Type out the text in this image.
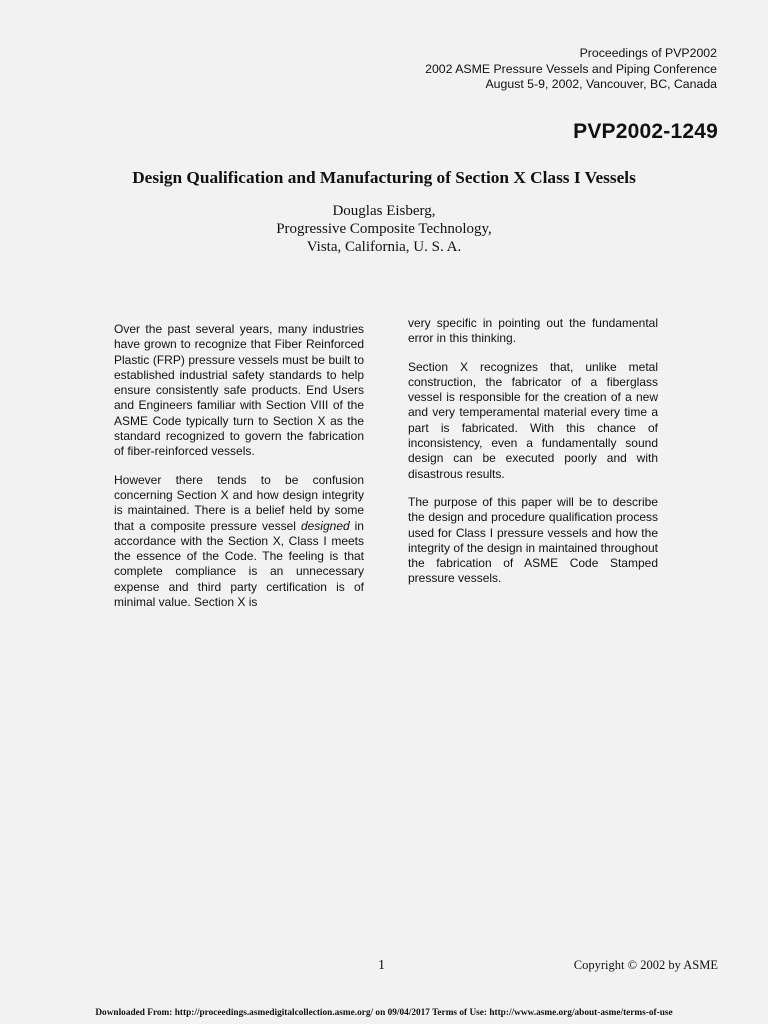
Proceedings of PVP2002
2002 ASME Pressure Vessels and Piping Conference
August 5-9, 2002, Vancouver, BC, Canada
PVP2002-1249
Design Qualification and Manufacturing of Section X Class I Vessels
Douglas Eisberg,
Progressive Composite Technology,
Vista, California, U. S. A.

Over the past several years, many industries have grown to recognize that Fiber Reinforced Plastic (FRP) pressure vessels must be built to established industrial safety standards to help ensure consistently safe products. End Users and Engineers familiar with Section VIII of the ASME Code typically turn to Section X as the standard recognized to govern the fabrication of fiber-reinforced vessels.

However there tends to be confusion concerning Section X and how design integrity is maintained. There is a belief held by some that a composite pressure vessel designed in accordance with the Section X, Class I meets the essence of the Code. The feeling is that complete compliance is an unnecessary expense and third party certification is of minimal value. Section X is

very specific in pointing out the fundamental error in this thinking.

Section X recognizes that, unlike metal construction, the fabricator of a fiberglass vessel is responsible for the creation of a new and very temperamental material every time a part is fabricated. With this chance of inconsistency, even a fundamentally sound design can be executed poorly and with disastrous results.

The purpose of this paper will be to describe the design and procedure qualification process used for Class I pressure vessels and how the integrity of the design in maintained throughout the fabrication of ASME Code Stamped pressure vessels.

1	Copyright © 2002 by ASME
Downloaded From: http://proceedings.asmedigitalcollection.asme.org/ on 09/04/2017 Terms of Use: http://www.asme.org/about-asme/terms-of-use
